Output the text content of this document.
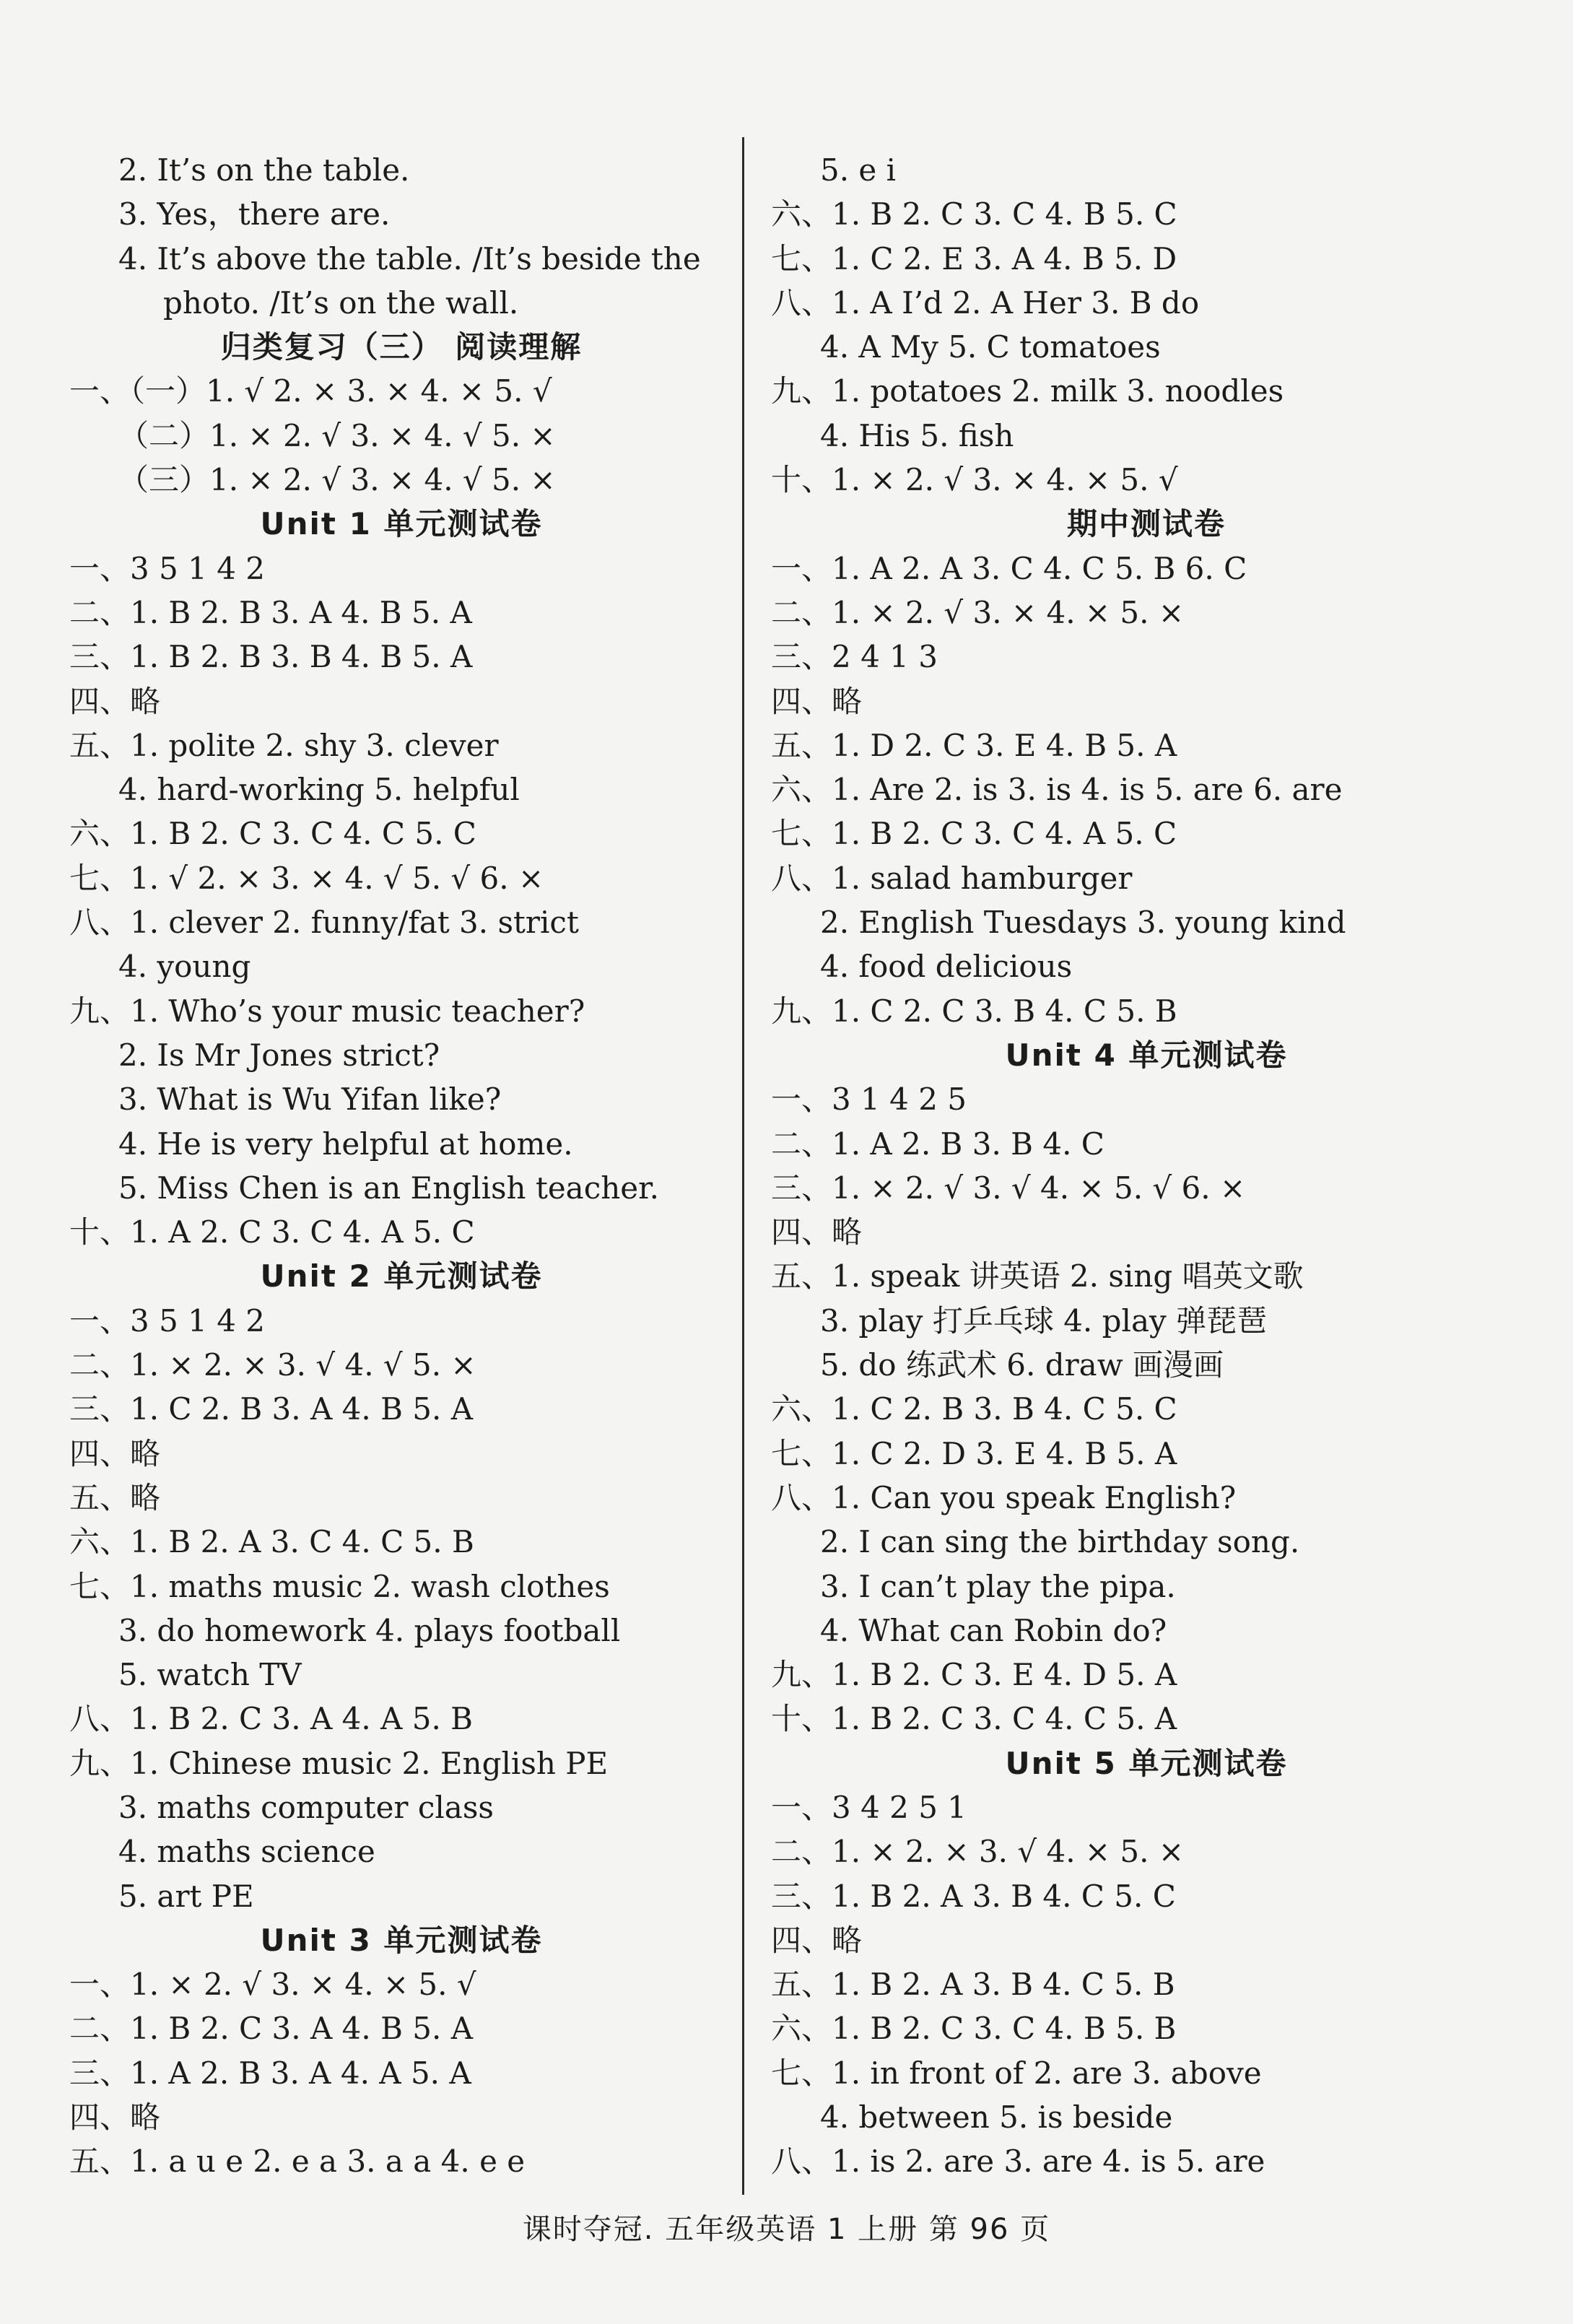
2. It’s on the table.
3. Yes，there are.
4. It’s above the table. /It’s beside the
photo. /It’s on the wall.
归类复习（三） 阅读理解
一、（一）1. √ 2. × 3. × 4. × 5. √
（二）1. × 2. √ 3. × 4. √ 5. ×
（三）1. × 2. √ 3. × 4. √ 5. ×
Unit 1 单元测试卷
一、3 5 1 4 2
二、1. B 2. B 3. A 4. B 5. A
三、1. B 2. B 3. B 4. B 5. A
四、略
五、1. polite 2. shy 3. clever
4. hard-working 5. helpful
六、1. B 2. C 3. C 4. C 5. C
七、1. √ 2. × 3. × 4. √ 5. √ 6. ×
八、1. clever 2. funny/fat 3. strict
4. young
九、1. Who’s your music teacher?
2. Is Mr Jones strict?
3. What is Wu Yifan like?
4. He is very helpful at home.
5. Miss Chen is an English teacher.
十、1. A 2. C 3. C 4. A 5. C
Unit 2 单元测试卷
一、3 5 1 4 2
二、1. × 2. × 3. √ 4. √ 5. ×
三、1. C 2. B 3. A 4. B 5. A
四、略
五、略
六、1. B 2. A 3. C 4. C 5. B
七、1. maths music 2. wash clothes
3. do homework 4. plays football
5. watch TV
八、1. B 2. C 3. A 4. A 5. B
九、1. Chinese music 2. English PE
3. maths computer class
4. maths science
5. art PE
Unit 3 单元测试卷
一、1. × 2. √ 3. × 4. × 5. √
二、1. B 2. C 3. A 4. B 5. A
三、1. A 2. B 3. A 4. A 5. A
四、略
五、1. a u e 2. e a 3. a a 4. e e
5. e i
六、1. B 2. C 3. C 4. B 5. C
七、1. C 2. E 3. A 4. B 5. D
八、1. A I’d 2. A Her 3. B do
4. A My 5. C tomatoes
九、1. potatoes 2. milk 3. noodles
4. His 5. fish
十、1. × 2. √ 3. × 4. × 5. √
期中测试卷
一、1. A 2. A 3. C 4. C 5. B 6. C
二、1. × 2. √ 3. × 4. × 5. ×
三、2 4 1 3
四、略
五、1. D 2. C 3. E 4. B 5. A
六、1. Are 2. is 3. is 4. is 5. are 6. are
七、1. B 2. C 3. C 4. A 5. C
八、1. salad hamburger
2. English Tuesdays 3. young kind
4. food delicious
九、1. C 2. C 3. B 4. C 5. B
Unit 4 单元测试卷
一、3 1 4 2 5
二、1. A 2. B 3. B 4. C
三、1. × 2. √ 3. √ 4. × 5. √ 6. ×
四、略
五、1. speak 讲英语 2. sing 唱英文歌
3. play 打乒乓球 4. play 弹琵琶
5. do 练武术 6. draw 画漫画
六、1. C 2. B 3. B 4. C 5. C
七、1. C 2. D 3. E 4. B 5. A
八、1. Can you speak English?
2. I can sing the birthday song.
3. I can’t play the pipa.
4. What can Robin do?
九、1. B 2. C 3. E 4. D 5. A
十、1. B 2. C 3. C 4. C 5. A
Unit 5 单元测试卷
一、3 4 2 5 1
二、1. × 2. × 3. √ 4. × 5. ×
三、1. B 2. A 3. B 4. C 5. C
四、略
五、1. B 2. A 3. B 4. C 5. B
六、1. B 2. C 3. C 4. B 5. B
七、1. in front of 2. are 3. above
4. between 5. is beside
八、1. is 2. are 3. are 4. is 5. are
课时夺冠. 五年级英语 1 上册 第 96 页
